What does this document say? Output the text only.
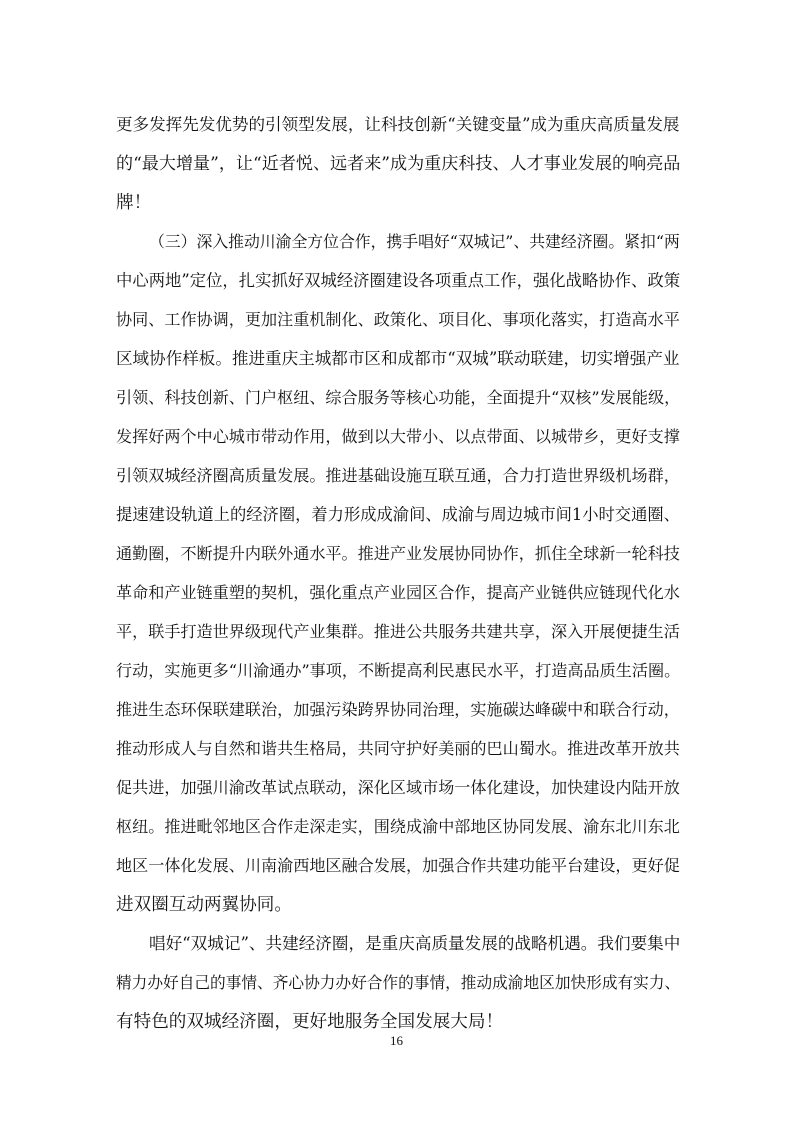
更多发挥先发优势的引领型发展，让科技创新“关键变量”成为重庆高质量发展
的“最大增量”，让“近者悦、远者来”成为重庆科技、人才事业发展的响亮品
牌！
（三）深入推动川渝全方位合作，携手唱好“双城记”、共建经济圈。紧扣“两
中心两地”定位，扎实抓好双城经济圈建设各项重点工作，强化战略协作、政策
协同、工作协调，更加注重机制化、政策化、项目化、事项化落实，打造高水平
区域协作样板。推进重庆主城都市区和成都市“双城”联动联建，切实增强产业
引领、科技创新、门户枢纽、综合服务等核心功能，全面提升“双核”发展能级，
发挥好两个中心城市带动作用，做到以大带小、以点带面、以城带乡，更好支撑
引领双城经济圈高质量发展。推进基础设施互联互通，合力打造世界级机场群，
提速建设轨道上的经济圈，着力形成成渝间、成渝与周边城市间1小时交通圈、
通勤圈，不断提升内联外通水平。推进产业发展协同协作，抓住全球新一轮科技
革命和产业链重塑的契机，强化重点产业园区合作，提高产业链供应链现代化水
平，联手打造世界级现代产业集群。推进公共服务共建共享，深入开展便捷生活
行动，实施更多“川渝通办”事项，不断提高利民惠民水平，打造高品质生活圈。
推进生态环保联建联治，加强污染跨界协同治理，实施碳达峰碳中和联合行动，
推动形成人与自然和谐共生格局，共同守护好美丽的巴山蜀水。推进改革开放共
促共进，加强川渝改革试点联动，深化区域市场一体化建设，加快建设内陆开放
枢纽。推进毗邻地区合作走深走实，围绕成渝中部地区协同发展、渝东北川东北
地区一体化发展、川南渝西地区融合发展，加强合作共建功能平台建设，更好促
进双圈互动两翼协同。
唱好“双城记”、共建经济圈，是重庆高质量发展的战略机遇。我们要集中
精力办好自己的事情、齐心协力办好合作的事情，推动成渝地区加快形成有实力、
有特色的双城经济圈，更好地服务全国发展大局！
16
